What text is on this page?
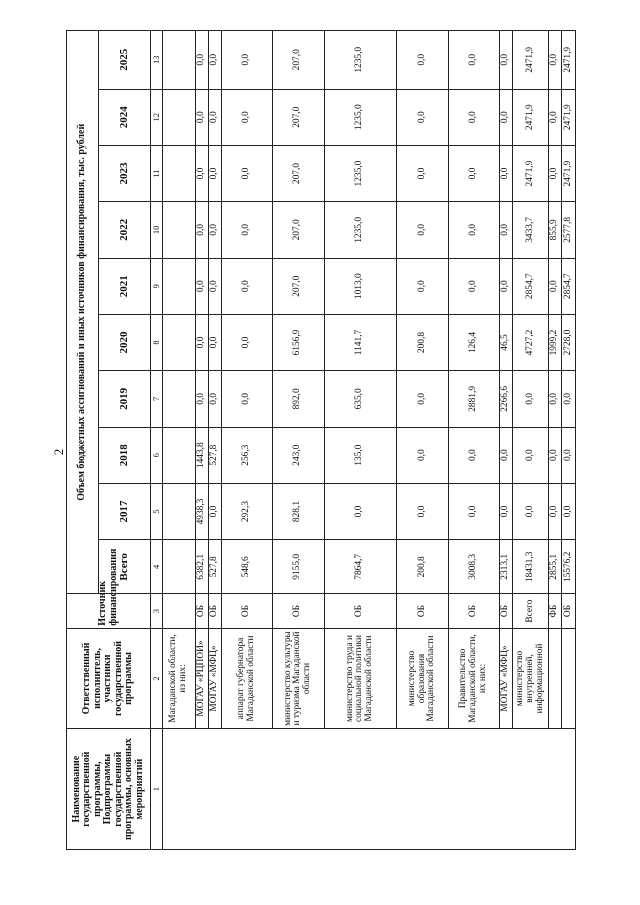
2
Наименование государственной программы, Подпрограммы государственной программы, основных мероприятий	Ответственный исполнитель, участники государственной программы	Источник финансирования	Объем бюджетных ассигнований и иных источников финансирования, тыс. рублей									
			Всего	2017	2018	2019	2020	2021	2022	2023	2024	2025
1	2	3	4	5	6	7	8	9	10	11	12	13
	Магаданской области, из них:											
	МОГАУ «РЦПОИ»	ОБ	6382,1	4938,3	1443,8	0,0	0,0	0,0	0,0	0,0	0,0	0,0
	МОГАУ «МФЦ»	ОБ	527,8	0,0	527,8	0,0	0,0	0,0	0,0	0,0	0,0	0,0
	аппарат губернатора Магаданской области	ОБ	548,6	292,3	256,3	0,0	0,0	0,0	0,0	0,0	0,0	0,0
	министерство культуры и туризма Магаданской области	ОБ	9155,0	828,1	243,0	892,0	6156,9	207,0	207,0	207,0	207,0	207,0
	министерство труда и социальной политики Магаданской области	ОБ	7864,7	0,0	135,0	635,0	1141,7	1013,0	1235,0	1235,0	1235,0	1235,0
	министерство образования Магаданской области	ОБ	200,8	0,0	0,0	0,0	200,8	0,0	0,0	0,0	0,0	0,0
	Правительство Магаданской области, их них:	ОБ	3008,3	0,0	0,0	2881,9	126,4	0,0	0,0	0,0	0,0	0,0
	МОГАУ «МФЦ»	ОБ	2313,1	0,0	0,0	2266,6	46,5	0,0	0,0	0,0	0,0	0,0
	министерство внутренней, информационной	Всего	18431,3	0,0	0,0	0,0	4727,2	2854,7	3433,7	2471,9	2471,9	2471,9
		ФБ	2855,1	0,0	0,0	0,0	1999,2	0,0	855,9	0,0	0,0	0,0
		ОБ	15576,2	0,0	0,0	0,0	2728,0	2854,7	2577,8	2471,9	2471,9	2471,9
